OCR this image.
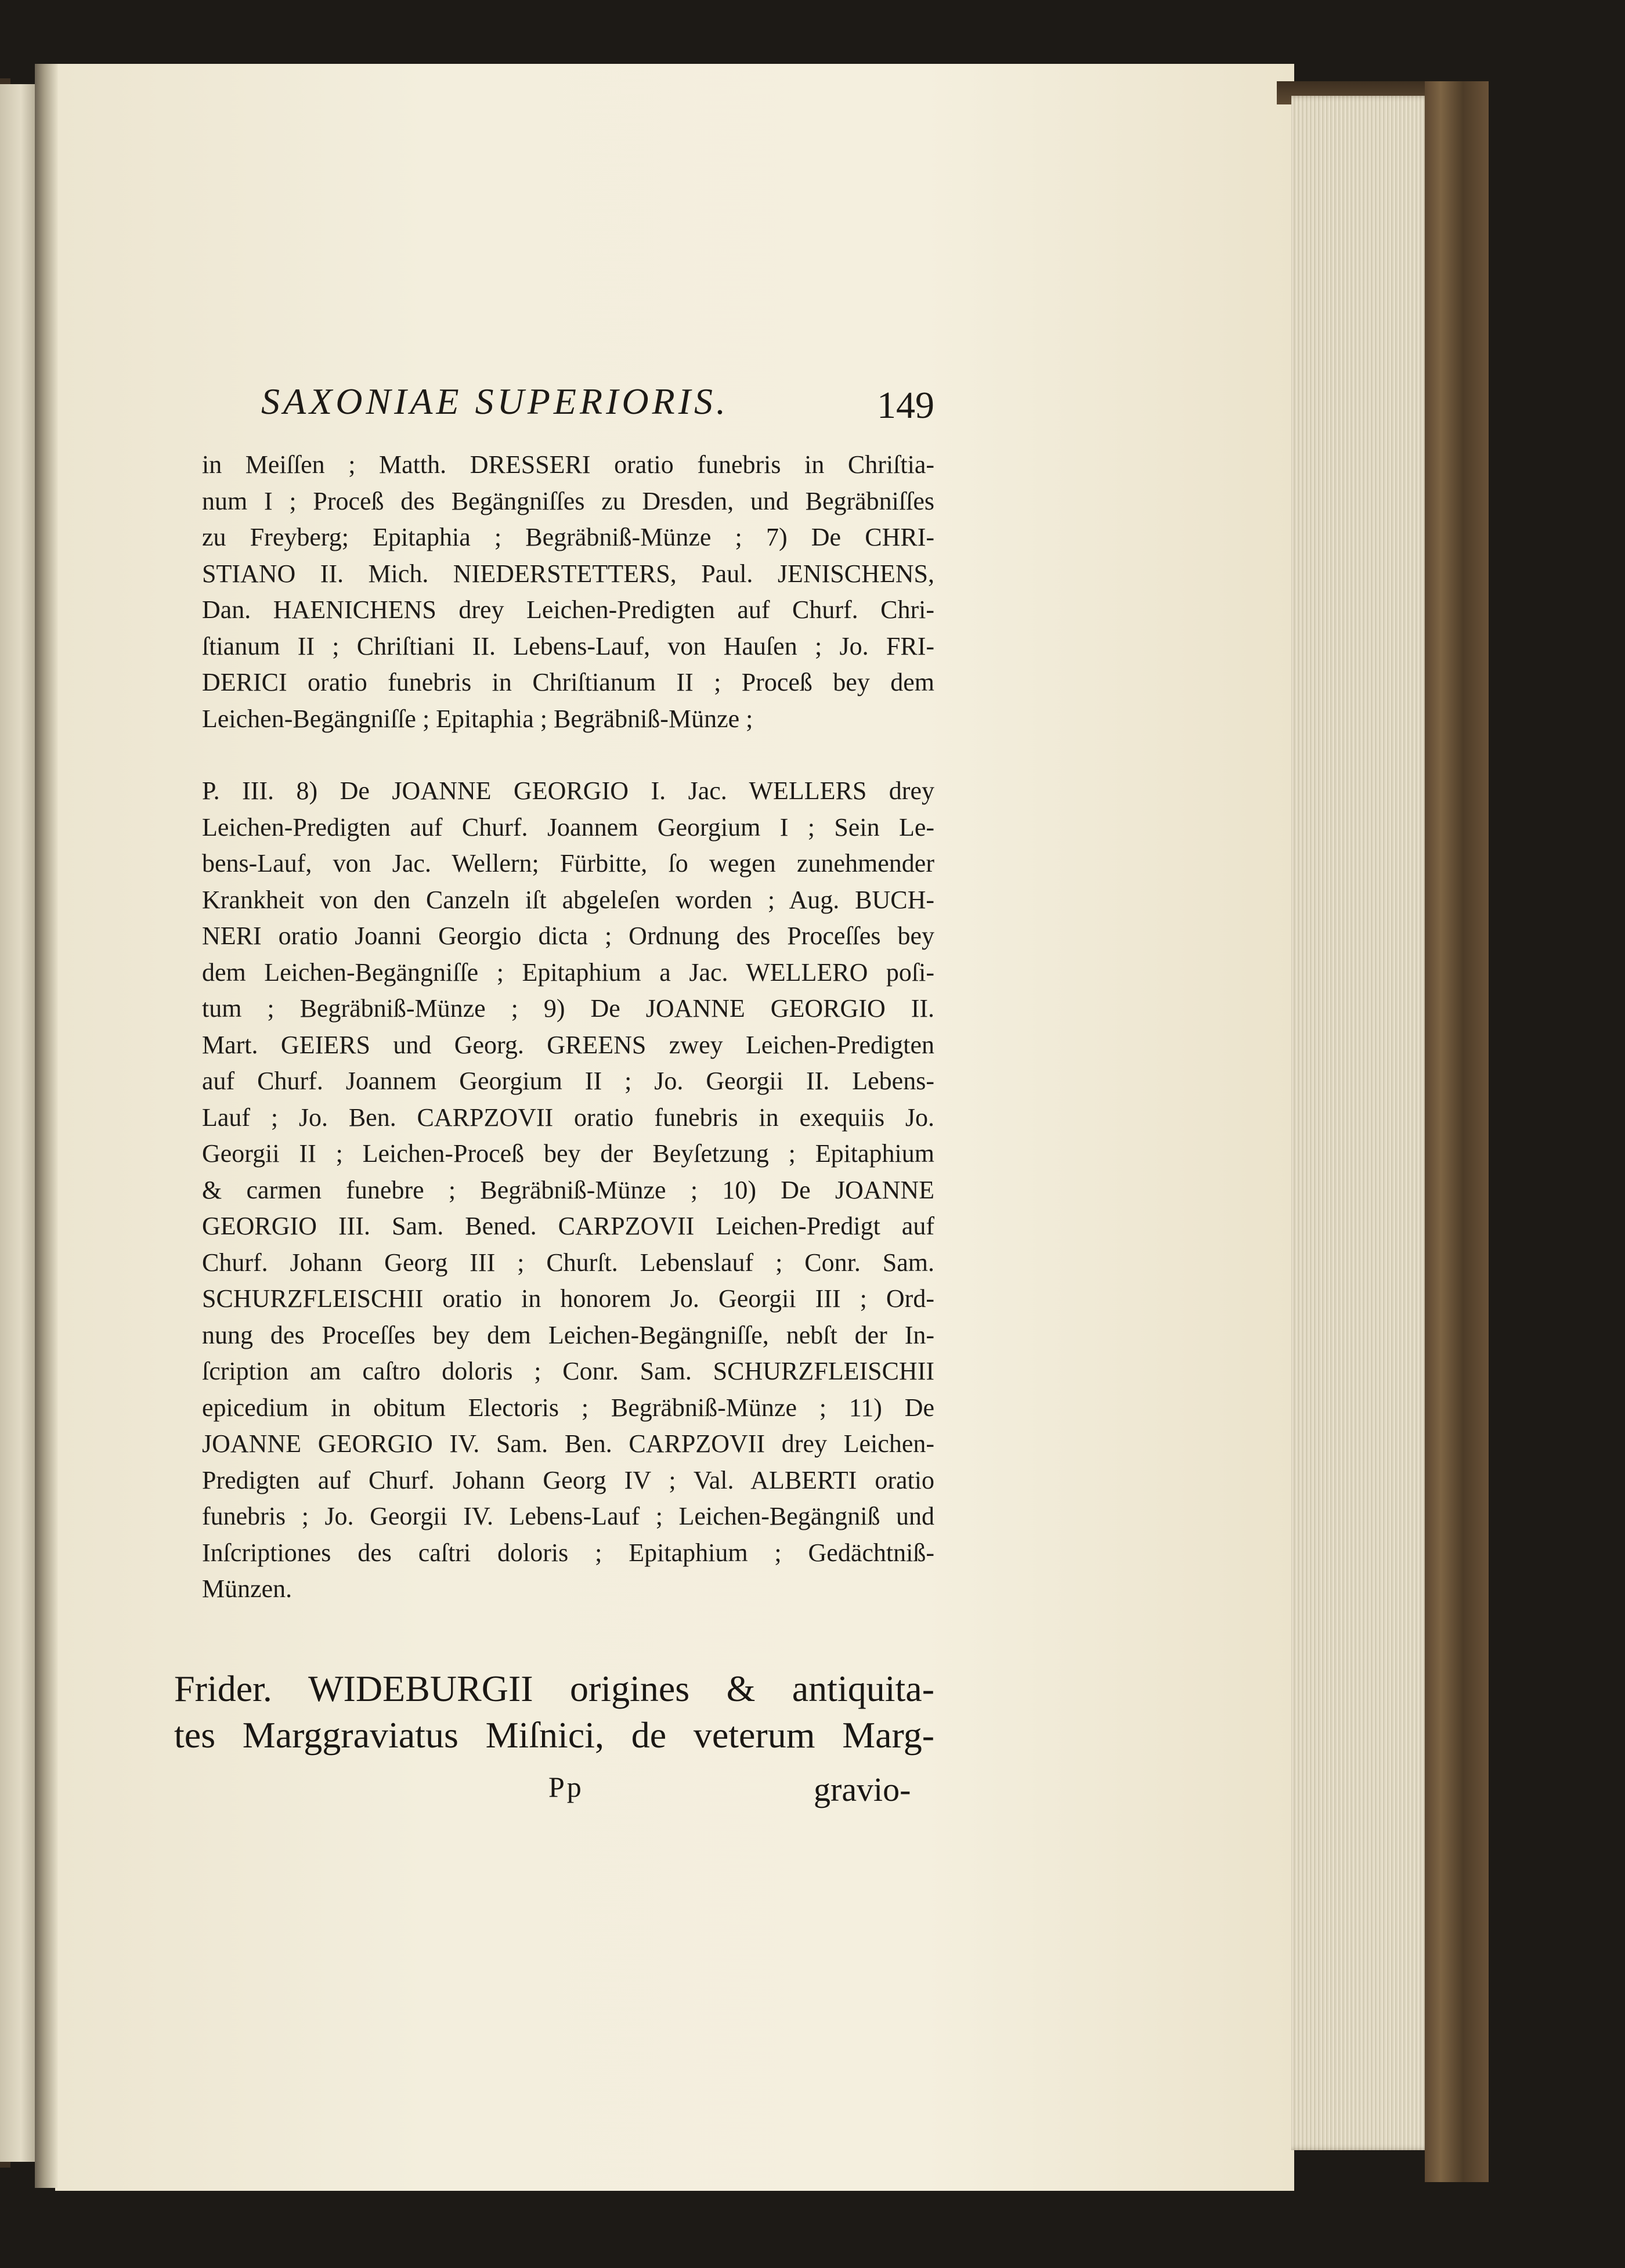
SAXONIAE SUPERIORIS.	149
in Meiſſen ; Matth. DRESSERI oratio funebris in Chriſtia-
num I ; Proceß des Begängniſſes zu Dresden, und Begräbniſſes
zu Freyberg; Epitaphia ; Begräbniß-Münze ; 7) De CHRI-
STIANO II. Mich. NIEDERSTETTERS, Paul. JENISCHENS,
Dan. HAENICHENS drey Leichen-Predigten auf Churf. Chri-
ſtianum II ; Chriſtiani II. Lebens-Lauf, von Hauſen ; Jo. FRI-
DERICI oratio funebris in Chriſtianum II ; Proceß bey dem
Leichen-Begängniſſe ; Epitaphia ; Begräbniß-Münze ;
P. III. 8) De JOANNE GEORGIO I. Jac. WELLERS drey
Leichen-Predigten auf Churf. Joannem Georgium I ; Sein Le-
bens-Lauf, von Jac. Wellern; Fürbitte, ſo wegen zunehmender
Krankheit von den Canzeln iſt abgeleſen worden ; Aug. BUCH-
NERI oratio Joanni Georgio dicta ; Ordnung des Proceſſes bey
dem Leichen-Begängniſſe ; Epitaphium a Jac. WELLERO poſi-
tum ; Begräbniß-Münze ; 9) De JOANNE GEORGIO II.
Mart. GEIERS und Georg. GREENS zwey Leichen-Predigten
auf Churf. Joannem Georgium II ; Jo. Georgii II. Lebens-
Lauf ; Jo. Ben. CARPZOVII oratio funebris in exequiis Jo.
Georgii II ; Leichen-Proceß bey der Beyſetzung ; Epitaphium
& carmen funebre ; Begräbniß-Münze ; 10) De JOANNE
GEORGIO III. Sam. Bened. CARPZOVII Leichen-Predigt auf
Churf. Johann Georg III ; Churſt. Lebenslauf ; Conr. Sam.
SCHURZFLEISCHII oratio in honorem Jo. Georgii III ; Ord-
nung des Proceſſes bey dem Leichen-Begängniſſe, nebſt der In-
ſcription am caſtro doloris ; Conr. Sam. SCHURZFLEISCHII
epicedium in obitum Electoris ; Begräbniß-Münze ; 11) De
JOANNE GEORGIO IV. Sam. Ben. CARPZOVII drey Leichen-
Predigten auf Churf. Johann Georg IV ; Val. ALBERTI oratio
funebris ; Jo. Georgii IV. Lebens-Lauf ; Leichen-Begängniß und
Inſcriptiones des caſtri doloris ; Epitaphium ; Gedächtniß-
Münzen.
Frider. WIDEBURGII origines & antiquita-
tes Marggraviatus Miſnici, de veterum Marg-
Pp	gravio-
